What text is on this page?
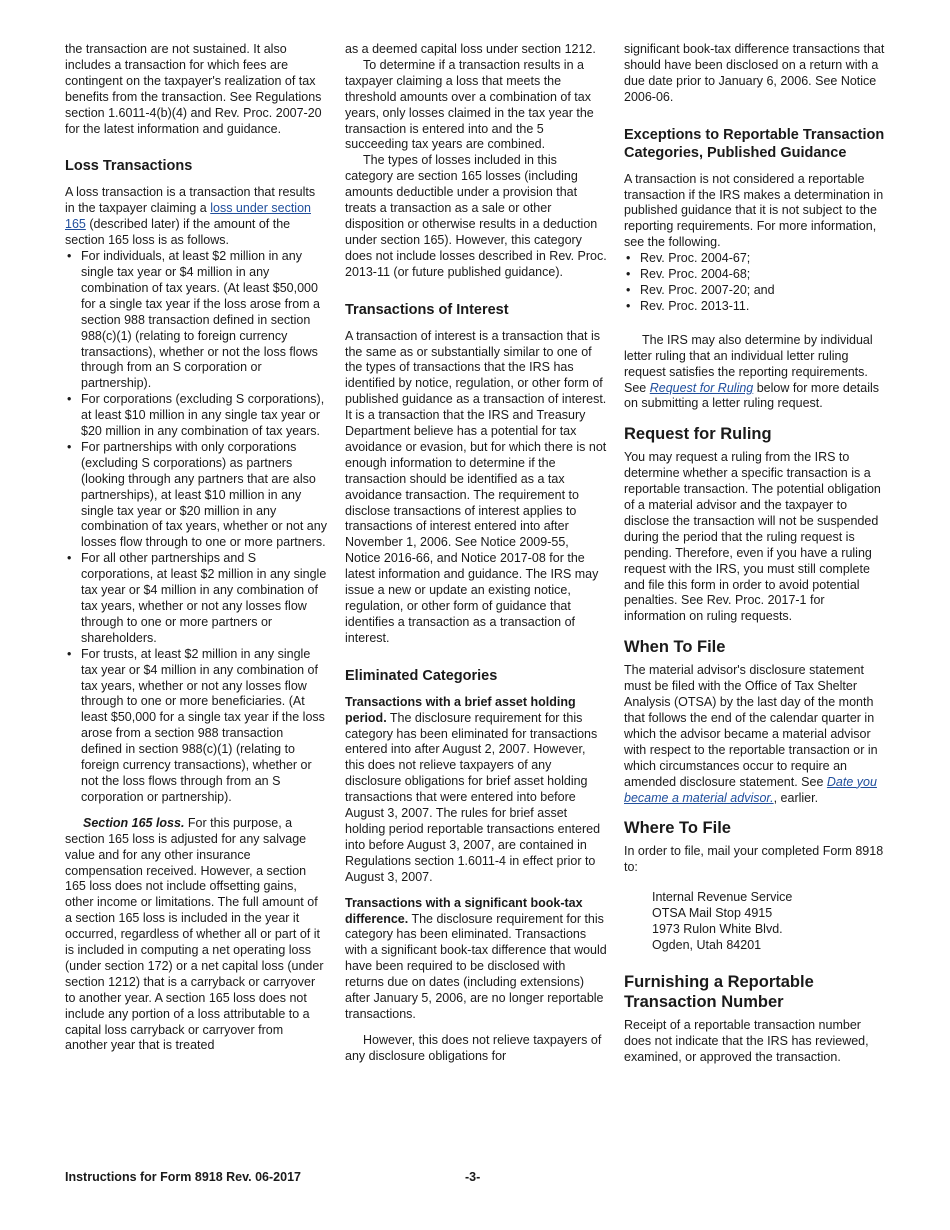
the transaction are not sustained. It also includes a transaction for which fees are contingent on the taxpayer's realization of tax benefits from the transaction. See Regulations section 1.6011-4(b)(4) and Rev. Proc. 2007-20 for the latest information and guidance.

Loss Transactions

A loss transaction is a transaction that results in the taxpayer claiming a loss under section 165 (described later) if the amount of the section 165 loss is as follows.

• For individuals, at least $2 million in any single tax year or $4 million in any combination of tax years. (At least $50,000 for a single tax year if the loss arose from a section 988 transaction defined in section 988(c)(1) (relating to foreign currency transactions), whether or not the loss flows through from an S corporation or partnership).
• For corporations (excluding S corporations), at least $10 million in any single tax year or $20 million in any combination of tax years.
• For partnerships with only corporations (excluding S corporations) as partners (looking through any partners that are also partnerships), at least $10 million in any single tax year or $20 million in any combination of tax years, whether or not any losses flow through to one or more partners.
• For all other partnerships and S corporations, at least $2 million in any single tax year or $4 million in any combination of tax years, whether or not any losses flow through to one or more partners or shareholders.
• For trusts, at least $2 million in any single tax year or $4 million in any combination of tax years, whether or not any losses flow through to one or more beneficiaries. (At least $50,000 for a single tax year if the loss arose from a section 988 transaction defined in section 988(c)(1) (relating to foreign currency transactions), whether or not the loss flows through from an S corporation or partnership).

Section 165 loss. For this purpose, a section 165 loss is adjusted for any salvage value and for any other insurance compensation received. However, a section 165 loss does not include offsetting gains, other income or limitations. The full amount of a section 165 loss is included in the year it occurred, regardless of whether all or part of it is included in computing a net operating loss (under section 172) or a net capital loss (under section 1212) that is a carryback or carryover to another year. A section 165 loss does not include any portion of a loss attributable to a capital loss carryback or carryover from another year that is treated

as a deemed capital loss under section 1212.

To determine if a transaction results in a taxpayer claiming a loss that meets the threshold amounts over a combination of tax years, only losses claimed in the tax year the transaction is entered into and the 5 succeeding tax years are combined.

The types of losses included in this category are section 165 losses (including amounts deductible under a provision that treats a transaction as a sale or other disposition or otherwise results in a deduction under section 165). However, this category does not include losses described in Rev. Proc. 2013-11 (or future published guidance).

Transactions of Interest

A transaction of interest is a transaction that is the same as or substantially similar to one of the types of transactions that the IRS has identified by notice, regulation, or other form of published guidance as a transaction of interest. It is a transaction that the IRS and Treasury Department believe has a potential for tax avoidance or evasion, but for which there is not enough information to determine if the transaction should be identified as a tax avoidance transaction. The requirement to disclose transactions of interest applies to transactions of interest entered into after November 1, 2006. See Notice 2009-55, Notice 2016-66, and Notice 2017-08 for the latest information and guidance. The IRS may issue a new or update an existing notice, regulation, or other form of guidance that identifies a transaction as a transaction of interest.

Eliminated Categories

Transactions with a brief asset holding period. The disclosure requirement for this category has been eliminated for transactions entered into after August 2, 2007. However, this does not relieve taxpayers of any disclosure obligations for brief asset holding transactions that were entered into before August 3, 2007. The rules for brief asset holding period reportable transactions entered into before August 3, 2007, are contained in Regulations section 1.6011-4 in effect prior to August 3, 2007.

Transactions with a significant book-tax difference. The disclosure requirement for this category has been eliminated. Transactions with a significant book-tax difference that would have been required to be disclosed with returns due on dates (including extensions) after January 5, 2006, are no longer reportable transactions.

However, this does not relieve taxpayers of any disclosure obligations for

significant book-tax difference transactions that should have been disclosed on a return with a due date prior to January 6, 2006. See Notice 2006-06.

Exceptions to Reportable Transaction Categories, Published Guidance

A transaction is not considered a reportable transaction if the IRS makes a determination in published guidance that it is not subject to the reporting requirements. For more information, see the following.

• Rev. Proc. 2004-67;
• Rev. Proc. 2004-68;
• Rev. Proc. 2007-20; and
• Rev. Proc. 2013-11.

The IRS may also determine by individual letter ruling that an individual letter ruling request satisfies the reporting requirements. See Request for Ruling below for more details on submitting a letter ruling request.

Request for Ruling

You may request a ruling from the IRS to determine whether a specific transaction is a reportable transaction. The potential obligation of a material advisor and the taxpayer to disclose the transaction will not be suspended during the period that the ruling request is pending. Therefore, even if you have a ruling request with the IRS, you must still complete and file this form in order to avoid potential penalties. See Rev. Proc. 2017-1 for information on ruling requests.

When To File

The material advisor's disclosure statement must be filed with the Office of Tax Shelter Analysis (OTSA) by the last day of the month that follows the end of the calendar quarter in which the advisor became a material advisor with respect to the reportable transaction or in which circumstances occur to require an amended disclosure statement. See Date you became a material advisor., earlier.

Where To File

In order to file, mail your completed Form 8918 to:

Internal Revenue Service
OTSA Mail Stop 4915
1973 Rulon White Blvd.
Ogden, Utah 84201
Furnishing a Reportable Transaction Number

Receipt of a reportable transaction number does not indicate that the IRS has reviewed, examined, or approved the transaction.

Instructions for Form 8918 Rev. 06-2017	-3-
